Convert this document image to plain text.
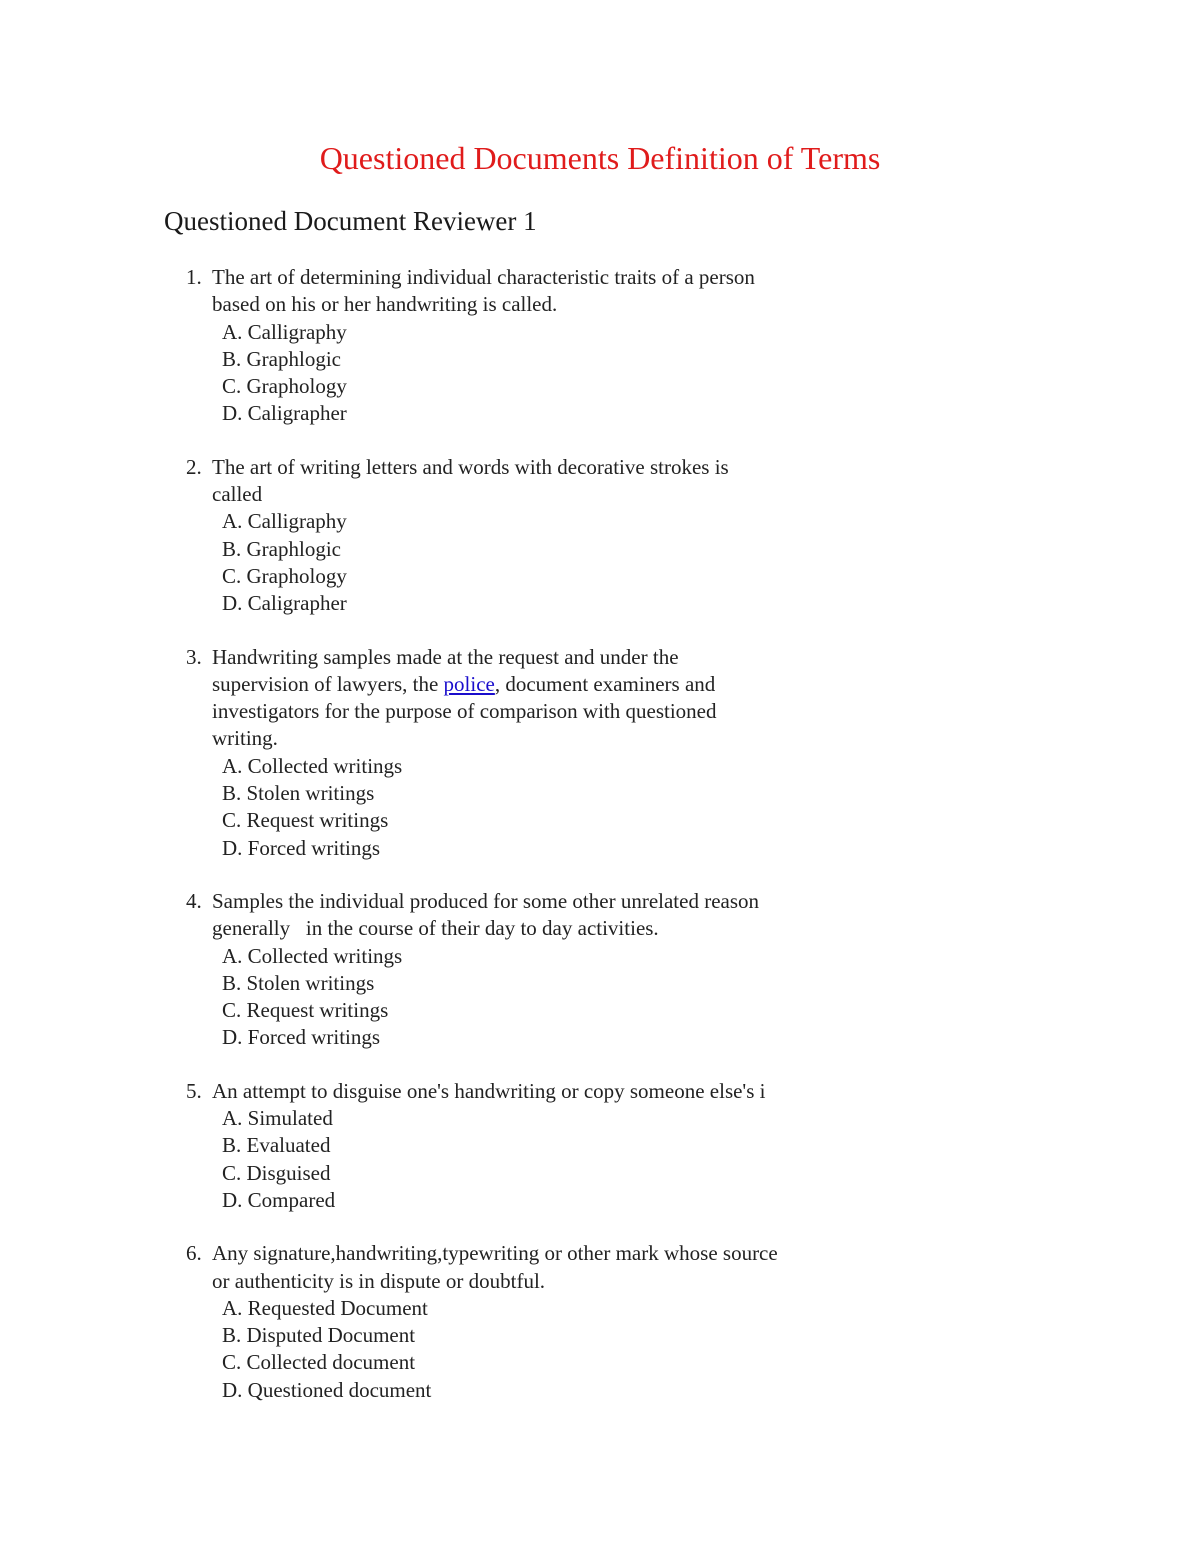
Questioned Documents Definition of Terms
Questioned Document Reviewer 1
1. The art of determining individual characteristic traits of a person
based on his or her handwriting is called.
A. Calligraphy
B. Graphlogic
C. Graphology
D. Caligrapher
2. The art of writing letters and words with decorative strokes is
called
A. Calligraphy
B. Graphlogic
C. Graphology
D. Caligrapher
3. Handwriting samples made at the request and under the
supervision of lawyers, the police, document examiners and
investigators for the purpose of comparison with questioned
writing.
A. Collected writings
B. Stolen writings
C. Request writings
D. Forced writings
4. Samples the individual produced for some other unrelated reason
generally   in the course of their day to day activities.
A. Collected writings
B. Stolen writings
C. Request writings
D. Forced writings
5. An attempt to disguise one's handwriting or copy someone else's i
A. Simulated
B. Evaluated
C. Disguised
D. Compared
6. Any signature,handwriting,typewriting or other mark whose source
or authenticity is in dispute or doubtful.
A. Requested Document
B. Disputed Document
C. Collected document
D. Questioned document
